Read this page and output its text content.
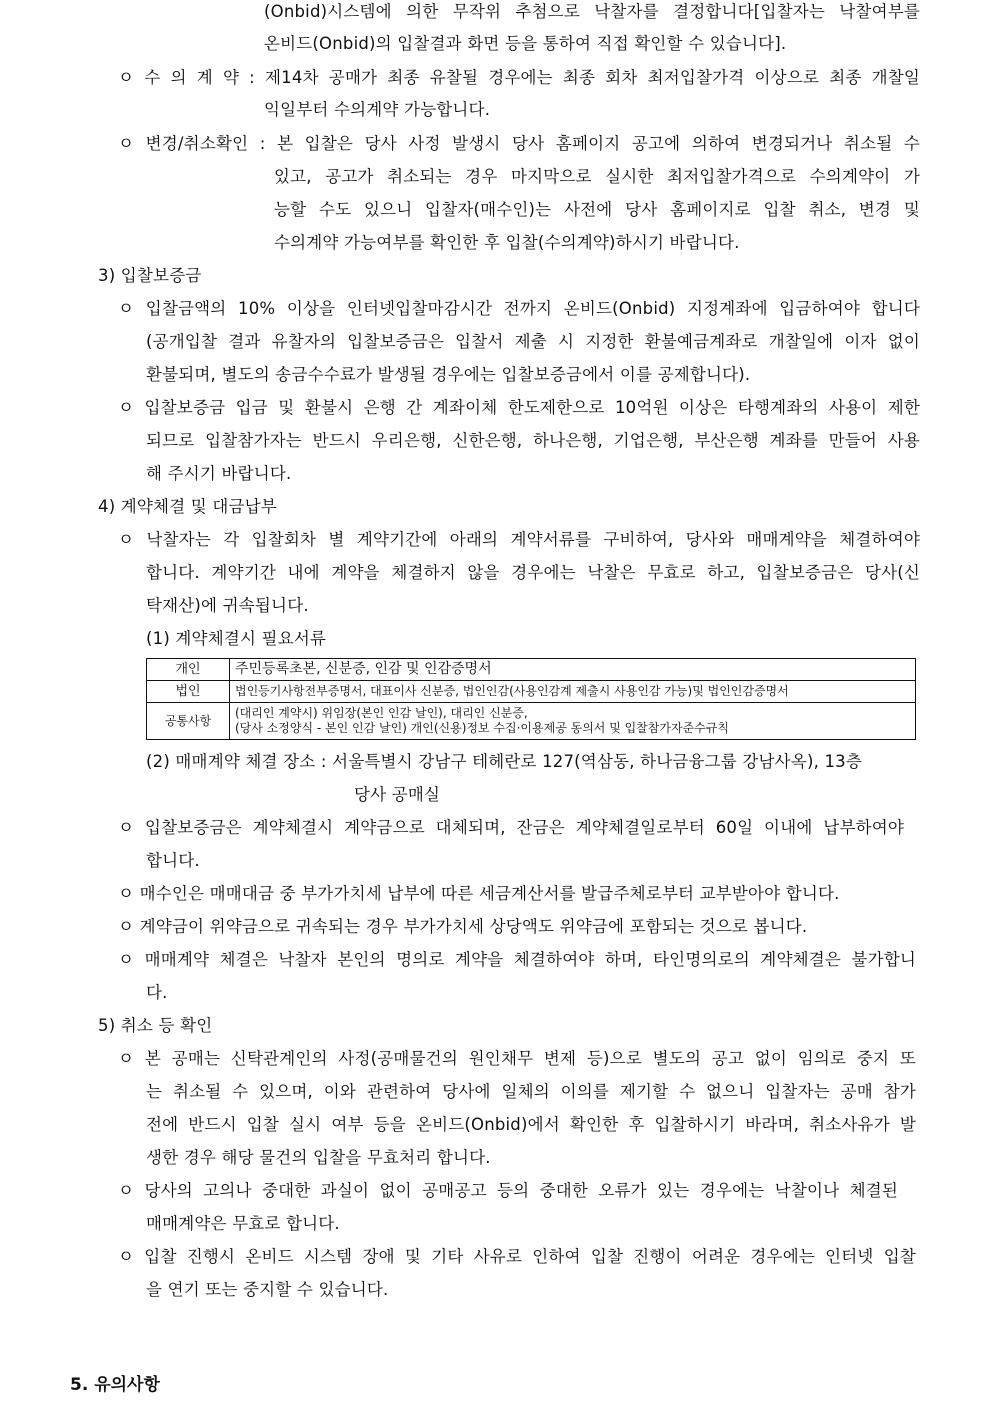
(Onbid)시스템에 의한 무작위 추첨으로 낙찰자를 결정합니다[입찰자는 낙찰여부를
온비드(Onbid)의 입찰결과 화면 등을 통하여 직접 확인할 수 있습니다].
ㅇ 수 의 계 약 : 제14차 공매가 최종 유찰될 경우에는 최종 회차 최저입찰가격 이상으로 최종 개찰일
익일부터 수의계약 가능합니다.
ㅇ 변경/취소확인 : 본 입찰은 당사 사정 발생시 당사 홈페이지 공고에 의하여 변경되거나 취소될 수
있고, 공고가 취소되는 경우 마지막으로 실시한 최저입찰가격으로 수의계약이 가
능할 수도 있으니 입찰자(매수인)는 사전에 당사 홈페이지로 입찰 취소, 변경 및
수의계약 가능여부를 확인한 후 입찰(수의계약)하시기 바랍니다.
3) 입찰보증금
ㅇ 입찰금액의 10% 이상을 인터넷입찰마감시간 전까지 온비드(Onbid) 지정계좌에 입금하여야 합니다
(공개입찰 결과 유찰자의 입찰보증금은 입찰서 제출 시 지정한 환불예금계좌로 개찰일에 이자 없이
환불되며, 별도의 송금수수료가 발생될 경우에는 입찰보증금에서 이를 공제합니다).
ㅇ 입찰보증금 입금 및 환불시 은행 간 계좌이체 한도제한으로 10억원 이상은 타행계좌의 사용이 제한
되므로 입찰참가자는 반드시 우리은행, 신한은행, 하나은행, 기업은행, 부산은행 계좌를 만들어 사용
해 주시기 바랍니다.
4) 계약체결 및 대금납부
ㅇ 낙찰자는 각 입찰회차 별 계약기간에 아래의 계약서류를 구비하여, 당사와 매매계약을 체결하여야
합니다. 계약기간 내에 계약을 체결하지 않을 경우에는 낙찰은 무효로 하고, 입찰보증금은 당사(신
탁재산)에 귀속됩니다.
(1) 계약체결시 필요서류
개인	주민등록초본, 신분증, 인감 및 인감증명서
법인	법인등기사항전부증명서, 대표이사 신분증, 법인인감(사용인감계 제출시 사용인감 가능)및 법인인감증명서
공통사항	(대리인 계약시) 위임장(본인 인감 날인), 대리인 신분증,
(당사 소정양식 - 본인 인감 날인) 개인(신용)정보 수집·이용제공 동의서 및 입찰참가자준수규칙
(2) 매매계약 체결 장소 : 서울특별시 강남구 테헤란로 127(역삼동, 하나금융그룹 강남사옥), 13층
당사 공매실
ㅇ 입찰보증금은 계약체결시 계약금으로 대체되며, 잔금은 계약체결일로부터 60일 이내에 납부하여야
합니다.
ㅇ 매수인은 매매대금 중 부가가치세 납부에 따른 세금계산서를 발급주체로부터 교부받아야 합니다.
ㅇ 계약금이 위약금으로 귀속되는 경우 부가가치세 상당액도 위약금에 포함되는 것으로 봅니다.
ㅇ 매매계약 체결은 낙찰자 본인의 명의로 계약을 체결하여야 하며, 타인명의로의 계약체결은 불가합니
다.
5) 취소 등 확인
ㅇ 본 공매는 신탁관계인의 사정(공매물건의 원인채무 변제 등)으로 별도의 공고 없이 임의로 중지 또
는 취소될 수 있으며, 이와 관련하여 당사에 일체의 이의를 제기할 수 없으니 입찰자는 공매 참가
전에 반드시 입찰 실시 여부 등을 온비드(Onbid)에서 확인한 후 입찰하시기 바라며, 취소사유가 발
생한 경우 해당 물건의 입찰을 무효처리 합니다.
ㅇ 당사의 고의나 중대한 과실이 없이 공매공고 등의 중대한 오류가 있는 경우에는 낙찰이나 체결된
매매계약은 무효로 합니다.
ㅇ 입찰 진행시 온비드 시스템 장애 및 기타 사유로 인하여 입찰 진행이 어려운 경우에는 인터넷 입찰
을 연기 또는 중지할 수 있습니다.
5. 유의사항
